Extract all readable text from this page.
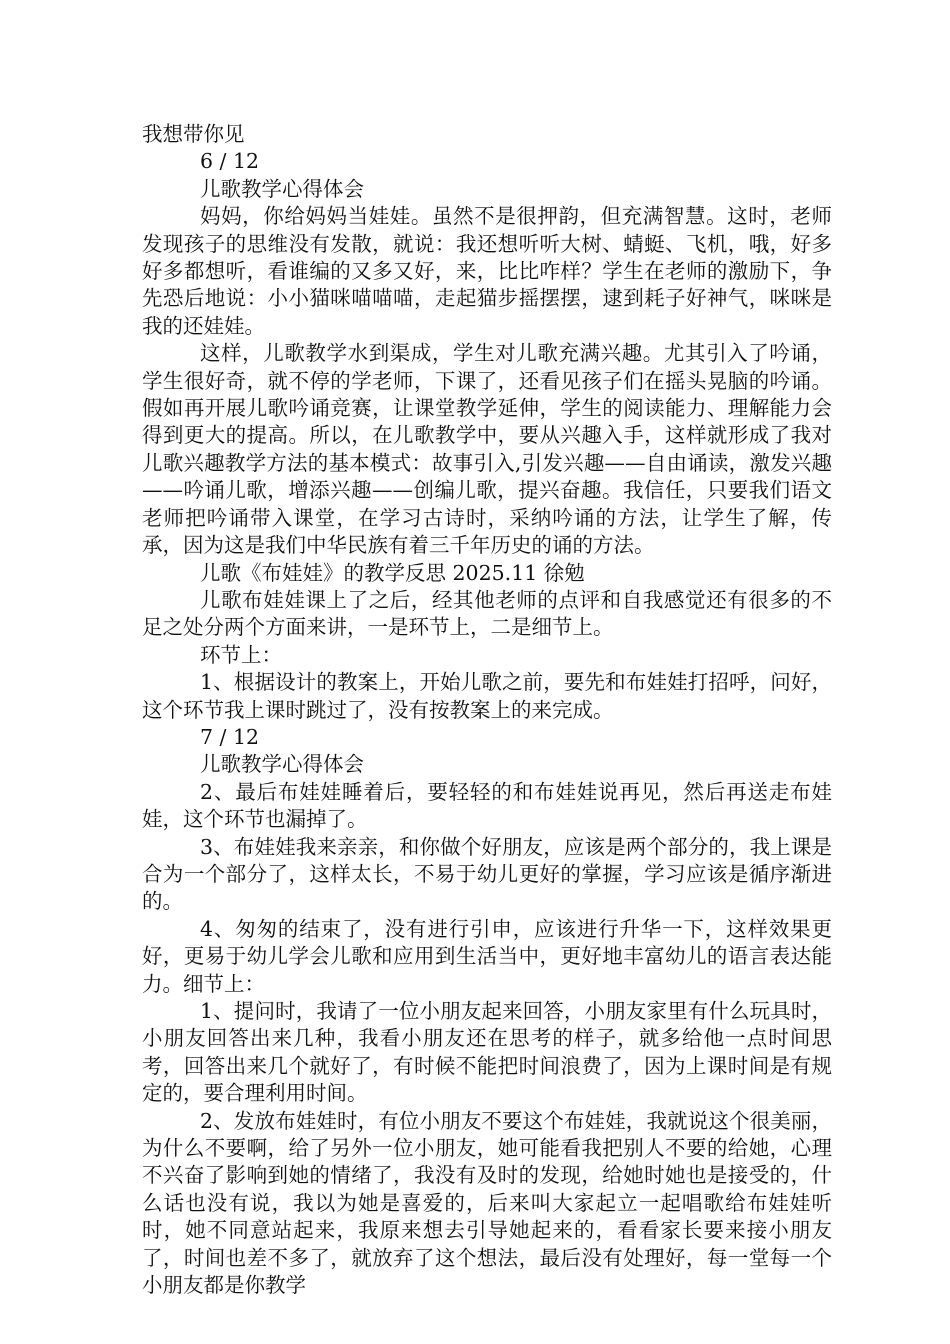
我想带你见

6 / 12

儿歌教学心得体会

妈妈，你给妈妈当娃娃。虽然不是很押韵，但充满智慧。这时，老师发现孩子的思维没有发散，就说：我还想听听大树、蜻蜓、飞机，哦，好多好多都想听，看谁编的又多又好，来，比比咋样？学生在老师的激励下，争先恐后地说：小小猫咪喵喵喵，走起猫步摇摆摆，逮到耗子好神气，咪咪是我的还娃娃。

这样，儿歌教学水到渠成，学生对儿歌充满兴趣。尤其引入了吟诵，学生很好奇，就不停的学老师，下课了，还看见孩子们在摇头晃脑的吟诵。假如再开展儿歌吟诵竞赛，让课堂教学延伸，学生的阅读能力、理解能力会得到更大的提高。所以，在儿歌教学中，要从兴趣入手，这样就形成了我对儿歌兴趣教学方法的基本模式：故事引入,引发兴趣——自由诵读，激发兴趣——吟诵儿歌，增添兴趣——创编儿歌，提兴奋趣。我信任，只要我们语文老师把吟诵带入课堂，在学习古诗时，采纳吟诵的方法，让学生了解，传承，因为这是我们中华民族有着三千年历史的诵的方法。

儿歌《布娃娃》的教学反思 2025.11 徐勉

儿歌布娃娃课上了之后，经其他老师的点评和自我感觉还有很多的不足之处分两个方面来讲，一是环节上，二是细节上。

环节上：

1、根据设计的教案上，开始儿歌之前，要先和布娃娃打招呼，问好，这个环节我上课时跳过了，没有按教案上的来完成。

7 / 12

儿歌教学心得体会

2、最后布娃娃睡着后，要轻轻的和布娃娃说再见，然后再送走布娃娃，这个环节也漏掉了。

3、布娃娃我来亲亲，和你做个好朋友，应该是两个部分的，我上课是合为一个部分了，这样太长，不易于幼儿更好的掌握，学习应该是循序渐进的。

4、匆匆的结束了，没有进行引申，应该进行升华一下，这样效果更好，更易于幼儿学会儿歌和应用到生活当中，更好地丰富幼儿的语言表达能力。细节上：

1、提问时，我请了一位小朋友起来回答，小朋友家里有什么玩具时，小朋友回答出来几种，我看小朋友还在思考的样子，就多给他一点时间思考，回答出来几个就好了，有时候不能把时间浪费了，因为上课时间是有规定的，要合理利用时间。

2、发放布娃娃时，有位小朋友不要这个布娃娃，我就说这个很美丽，为什么不要啊，给了另外一位小朋友，她可能看我把别人不要的给她，心理不兴奋了影响到她的情绪了，我没有及时的发现，给她时她也是接受的，什么话也没有说，我以为她是喜爱的，后来叫大家起立一起唱歌给布娃娃听时，她不同意站起来，我原来想去引导她起来的，看看家长要来接小朋友了，时间也差不多了，就放弃了这个想法，最后没有处理好，每一堂每一个小朋友都是你教学
